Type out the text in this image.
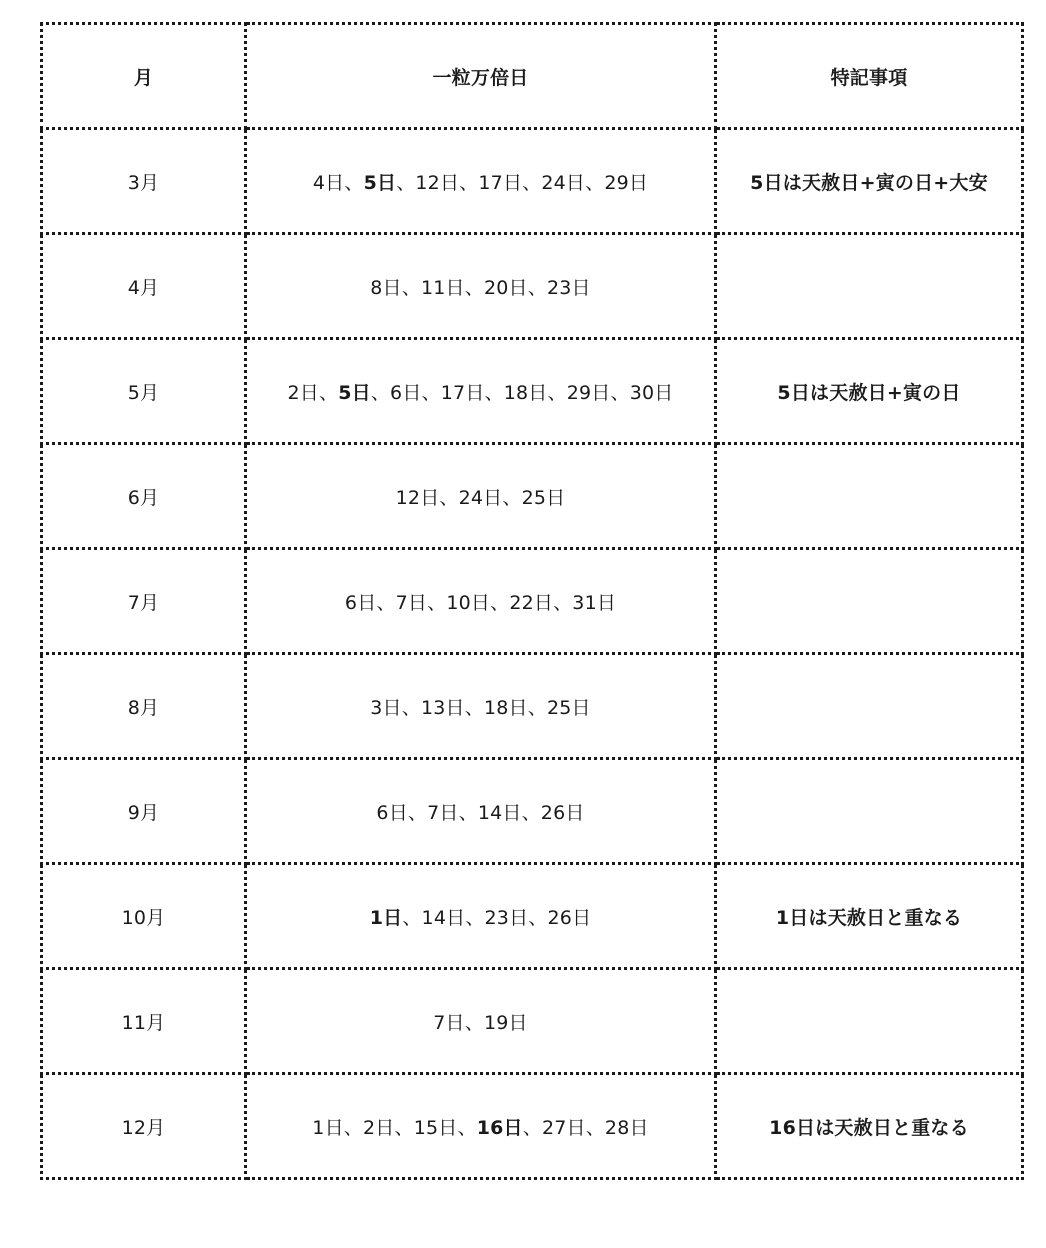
月	一粒万倍日	特記事項
3月	4日、5日、12日、17日、24日、29日	5日は天赦日+寅の日+大安
4月	8日、11日、20日、23日	
5月	2日、5日、6日、17日、18日、29日、30日	5日は天赦日+寅の日
6月	12日、24日、25日	
7月	6日、7日、10日、22日、31日	
8月	3日、13日、18日、25日	
9月	6日、7日、14日、26日	
10月	1日、14日、23日、26日	1日は天赦日と重なる
11月	7日、19日	
12月	1日、2日、15日、16日、27日、28日	16日は天赦日と重なる
